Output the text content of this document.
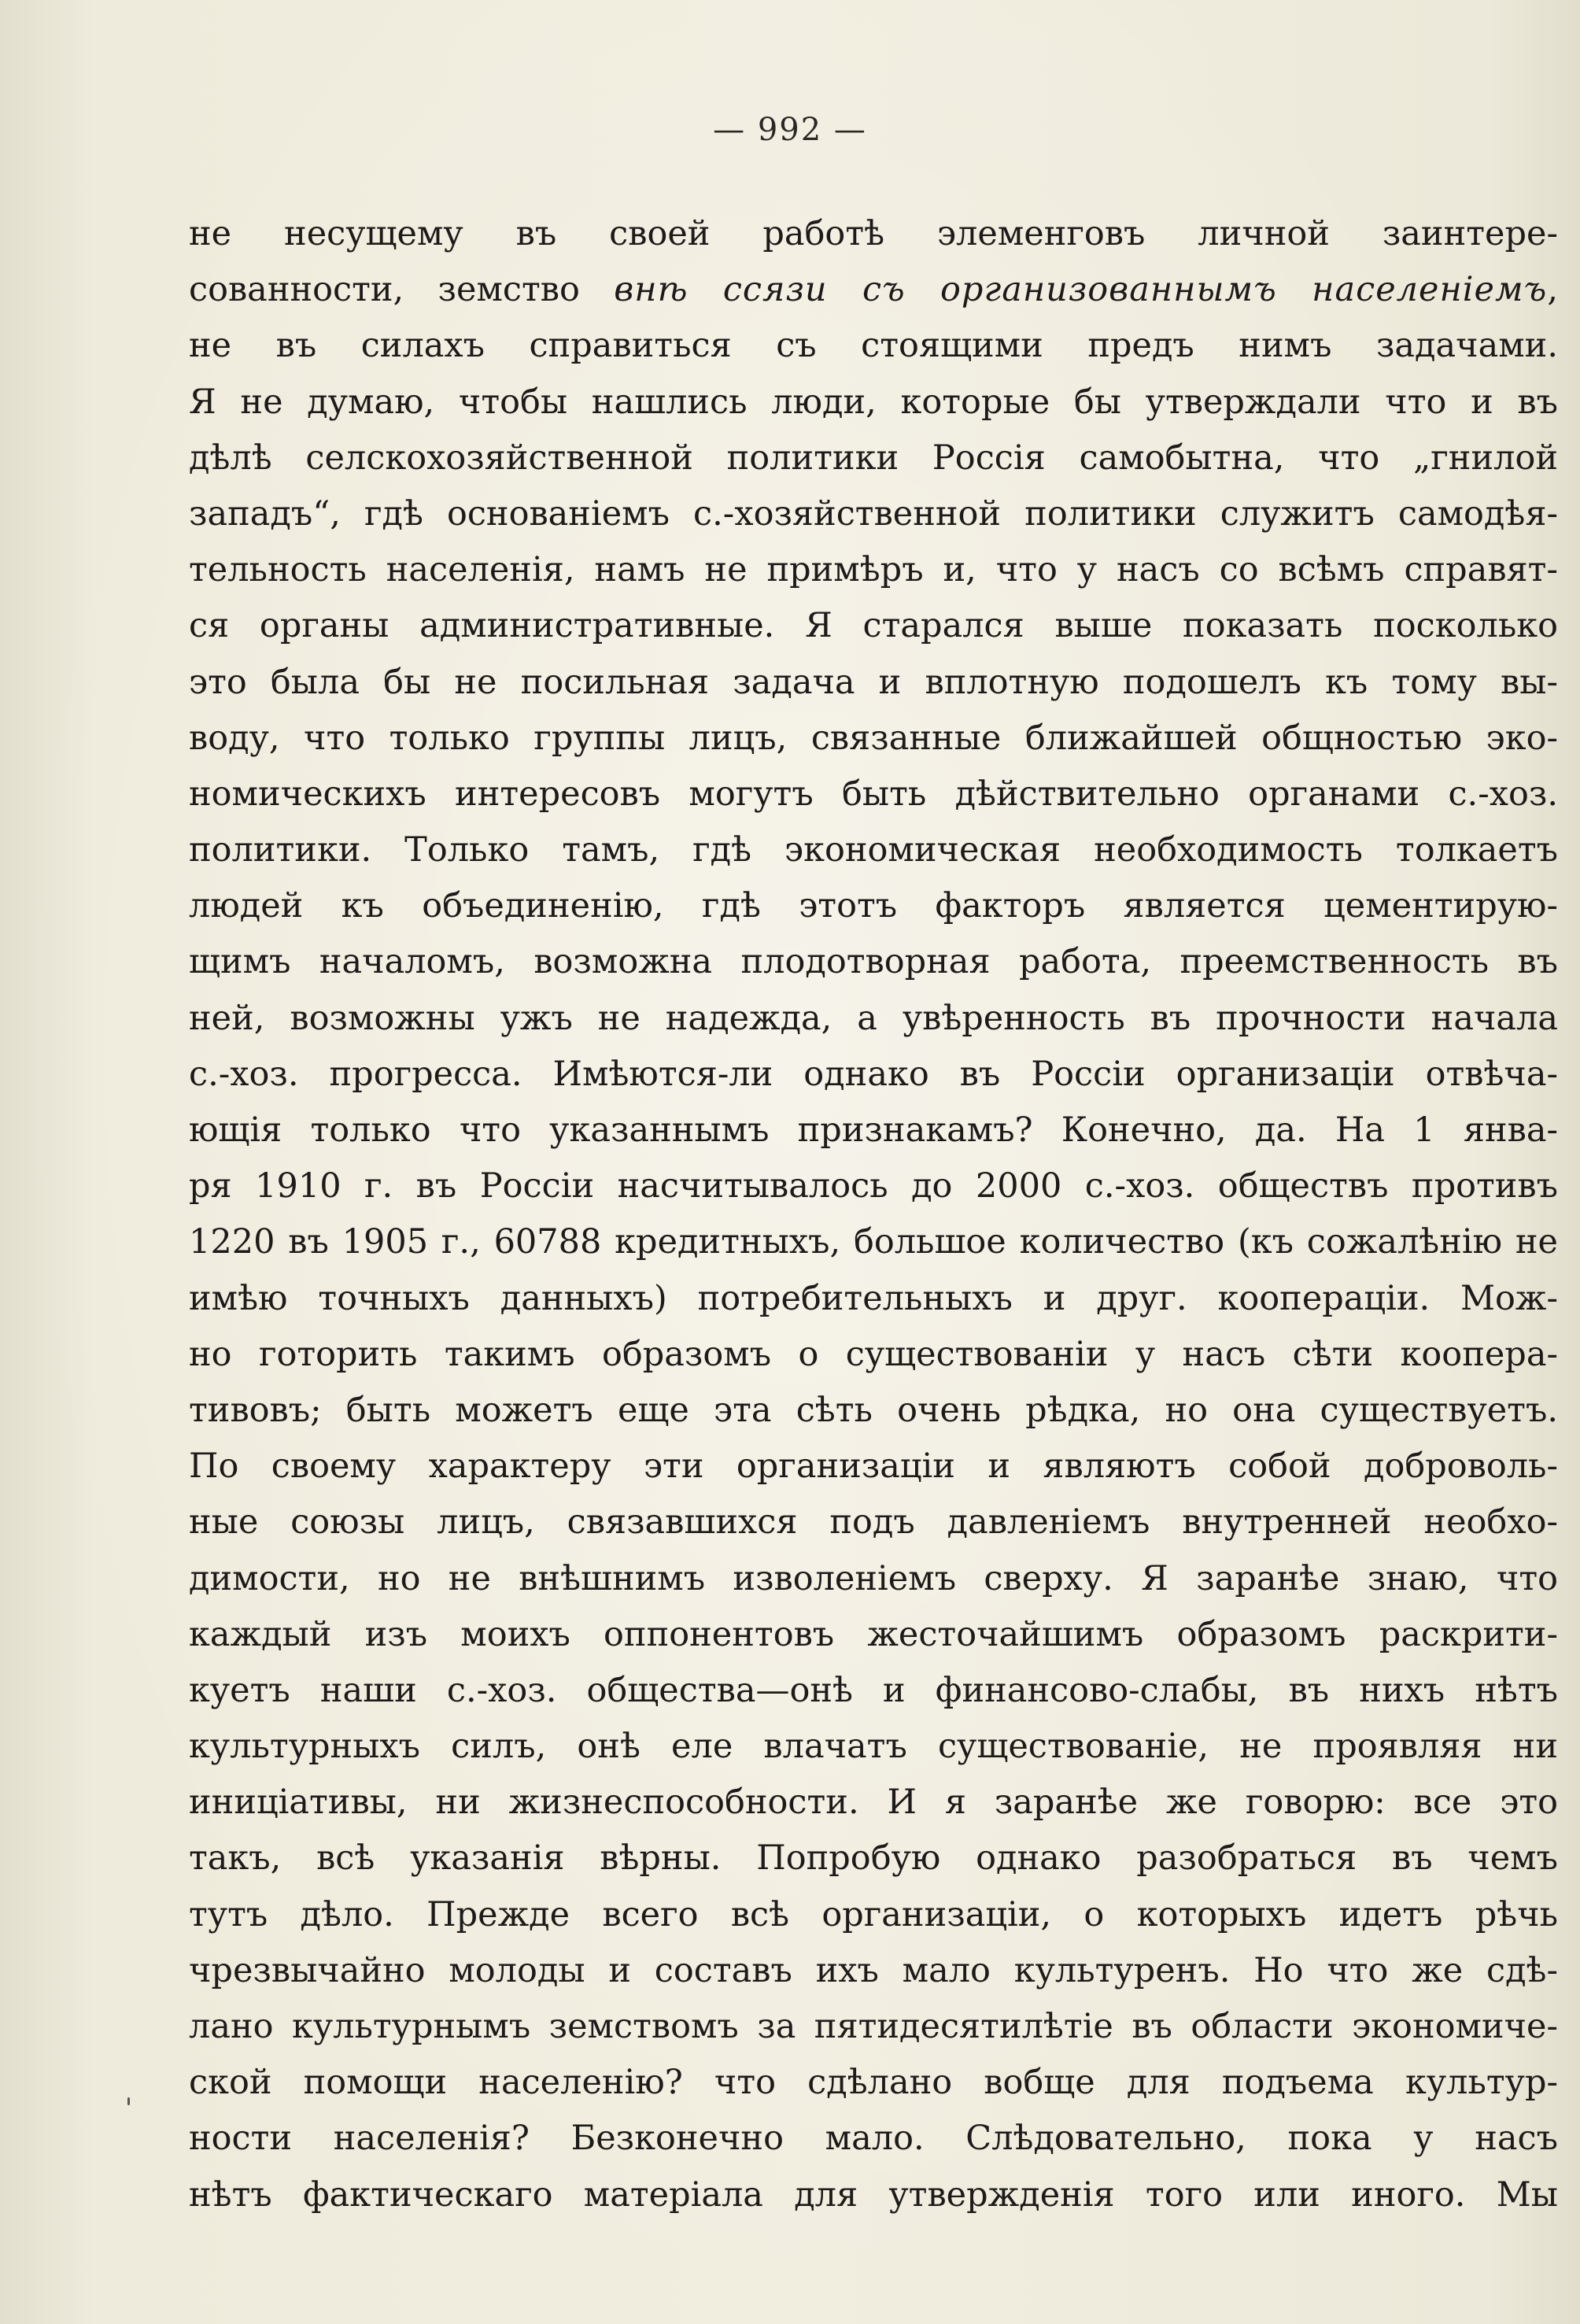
— 992 —
не несущему въ своей работѣ элеменговъ личной заинтере-
сованности, земство внѣ ссязи съ организованнымъ населеніемъ,
не въ силахъ справиться съ стоящими предъ нимъ задачами.
Я не думаю, чтобы нашлись люди, которые бы утверждали что и въ
дѣлѣ селскохозяйственной политики Россія самобытна, что „гнилой
западъ“, гдѣ основаніемъ с.-хозяйственной политики служитъ самодѣя-
тельность населенія, намъ не примѣръ и, что у насъ со всѣмъ справят-
ся органы административные. Я старался выше показать посколько
это была бы не посильная задача и вплотную подошелъ къ тому вы-
воду, что только группы лицъ, связанные ближайшей общностью эко-
номическихъ интересовъ могутъ быть дѣйствительно органами с.-хоз.
политики. Только тамъ, гдѣ экономическая необходимость толкаетъ
людей къ объединенію, гдѣ этотъ факторъ является цементирую-
щимъ началомъ, возможна плодотворная работа, преемственность въ
ней, возможны ужъ не надежда, а увѣренность въ прочности начала
с.-хоз. прогресса. Имѣются-ли однако въ Россіи организаціи отвѣча-
ющія только что указаннымъ признакамъ? Конечно, да. На 1 янва-
ря 1910 г. въ Россіи насчитывалось до 2000 с.-хоз. обществъ противъ
1220 въ 1905 г., 60788 кредитныхъ, большое количество (къ сожалѣнію не
имѣю точныхъ данныхъ) потребительныхъ и друг. коопераціи. Мож-
но готорить такимъ образомъ о существованіи у насъ сѣти коопера-
тивовъ; быть можетъ еще эта сѣть очень рѣдка, но она существуетъ.
По своему характеру эти организаціи и являютъ собой доброволь-
ные союзы лицъ, связавшихся подъ давленіемъ внутренней необхо-
димости, но не внѣшнимъ изволеніемъ сверху. Я заранѣе знаю, что
каждый изъ моихъ оппонентовъ жесточайшимъ образомъ раскрити-
куетъ наши с.-хоз. общества—онѣ и финансово-слабы, въ нихъ нѣтъ
культурныхъ силъ, онѣ еле влачатъ существованіе, не проявляя ни
иниціативы, ни жизнеспособности. И я заранѣе же говорю: все это
такъ, всѣ указанія вѣрны. Попробую однако разобраться въ чемъ
тутъ дѣло. Прежде всего всѣ организаціи, о которыхъ идетъ рѣчь
чрезвычайно молоды и составъ ихъ мало культуренъ. Но что же сдѣ-
лано культурнымъ земствомъ за пятидесятилѣтіе въ области экономиче-
ской помощи населенію? что сдѣлано вобще для подъема культур-
ности населенія? Безконечно мало. Слѣдовательно, пока у насъ
нѣтъ фактическаго матеріала для утвержденія того или иного. Мы
